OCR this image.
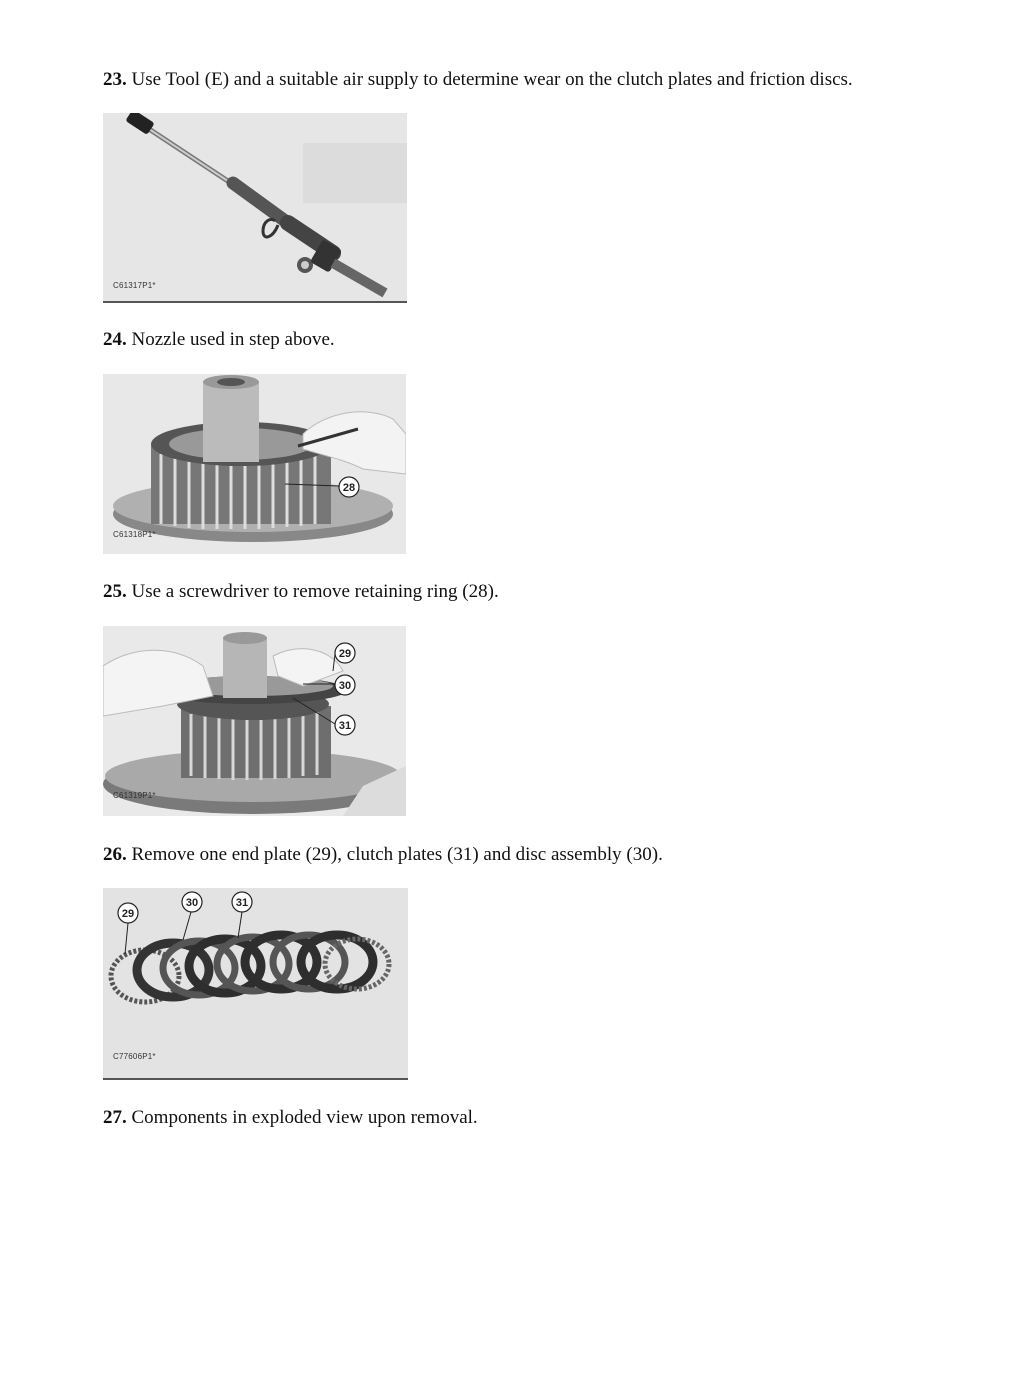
23. Use Tool (E) and a suitable air supply to determine wear on the clutch plates and friction discs.
C61317P1*
24. Nozzle used in step above.
28
C61318P1*
25. Use a screwdriver to remove retaining ring (28).
29
30
31
C61319P1*
26. Remove one end plate (29), clutch plates (31) and disc assembly (30).
29
30	31
C77606P1*
27. Components in exploded view upon removal.
